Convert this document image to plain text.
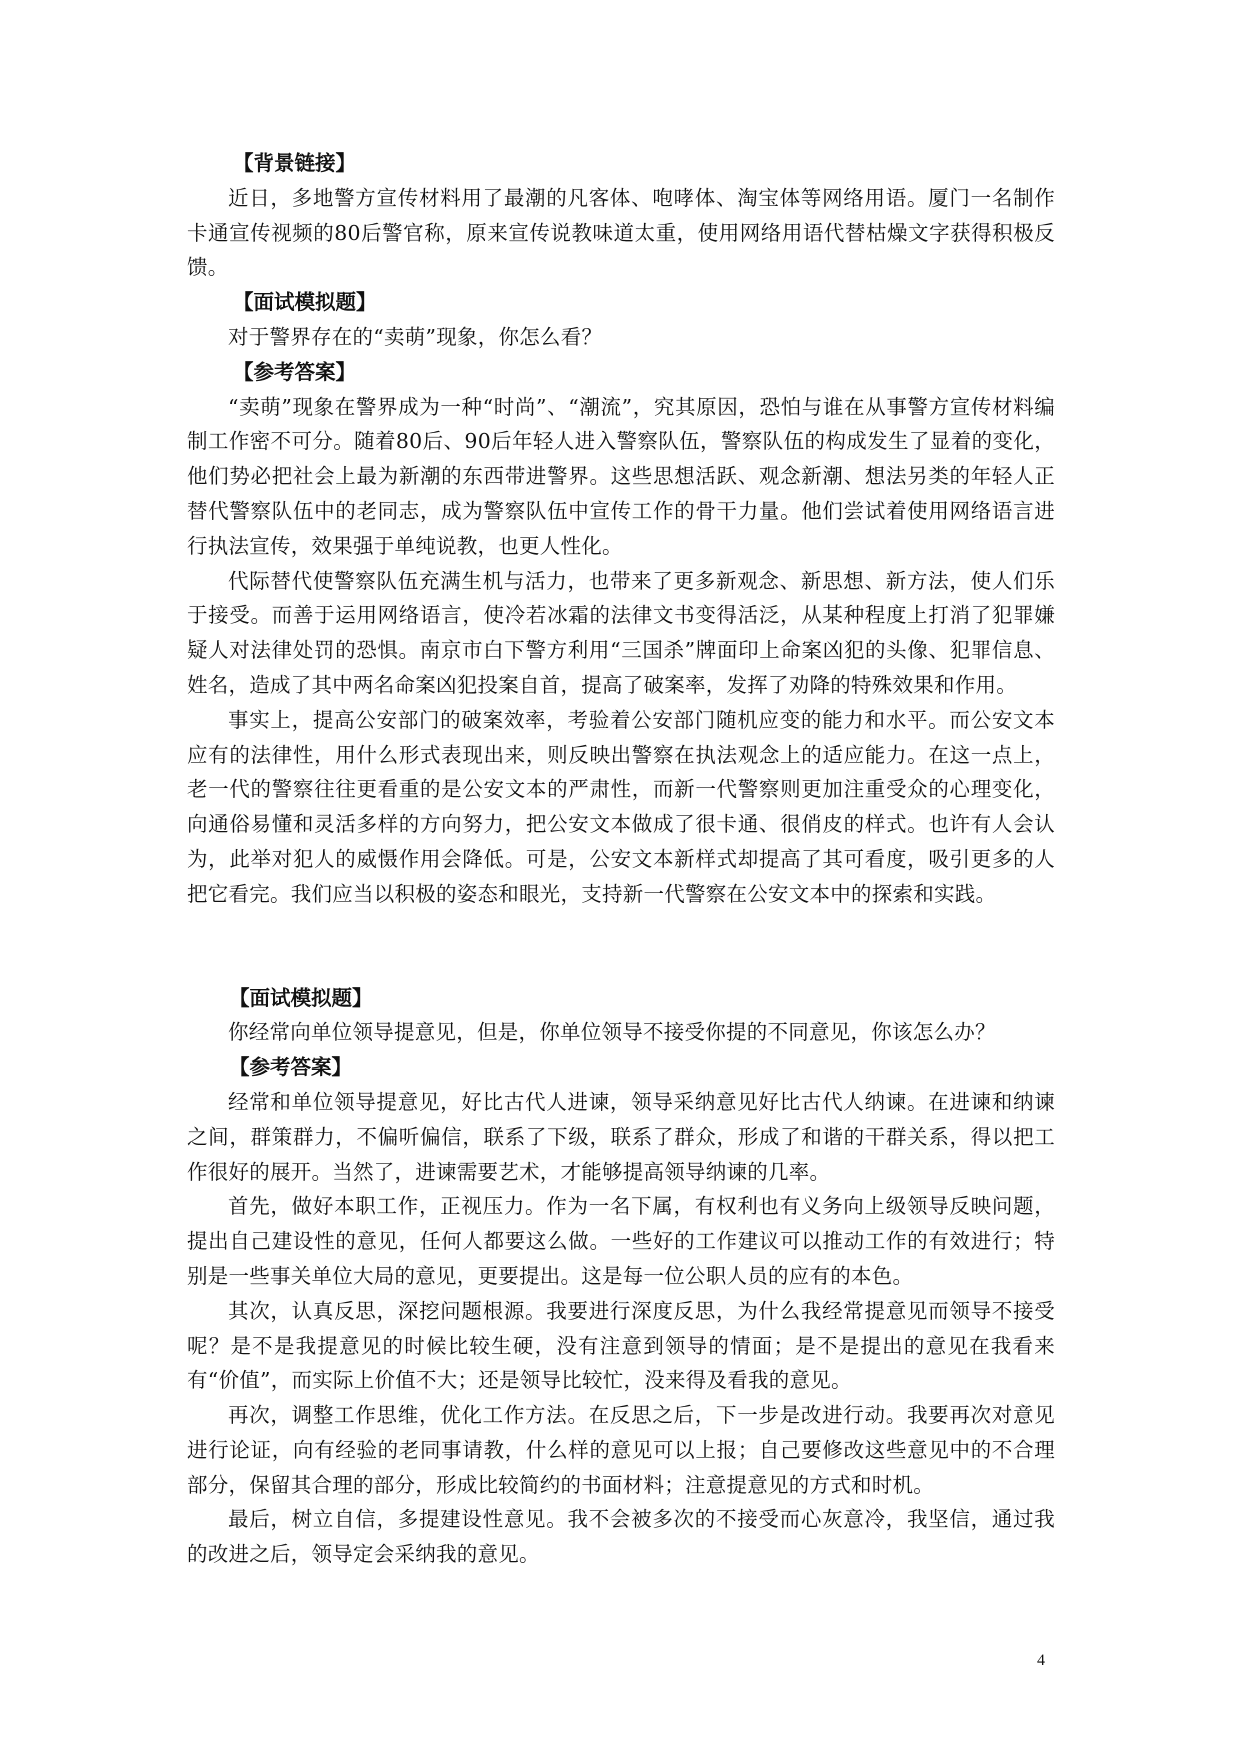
【背景链接】

近日，多地警方宣传材料用了最潮的凡客体、咆哮体、淘宝体等网络用语。厦门一名制作卡通宣传视频的80后警官称，原来宣传说教味道太重，使用网络用语代替枯燥文字获得积极反馈。

【面试模拟题】

对于警界存在的“卖萌”现象，你怎么看？

【参考答案】

“卖萌”现象在警界成为一种“时尚”、“潮流”，究其原因，恐怕与谁在从事警方宣传材料编制工作密不可分。随着80后、90后年轻人进入警察队伍，警察队伍的构成发生了显着的变化，他们势必把社会上最为新潮的东西带进警界。这些思想活跃、观念新潮、想法另类的年轻人正替代警察队伍中的老同志，成为警察队伍中宣传工作的骨干力量。他们尝试着使用网络语言进行执法宣传，效果强于单纯说教，也更人性化。

代际替代使警察队伍充满生机与活力，也带来了更多新观念、新思想、新方法，使人们乐于接受。而善于运用网络语言，使冷若冰霜的法律文书变得活泛，从某种程度上打消了犯罪嫌疑人对法律处罚的恐惧。南京市白下警方利用“三国杀”牌面印上命案凶犯的头像、犯罪信息、姓名，造成了其中两名命案凶犯投案自首，提高了破案率，发挥了劝降的特殊效果和作用。

事实上，提高公安部门的破案效率，考验着公安部门随机应变的能力和水平。而公安文本应有的法律性，用什么形式表现出来，则反映出警察在执法观念上的适应能力。在这一点上，老一代的警察往往更看重的是公安文本的严肃性，而新一代警察则更加注重受众的心理变化，向通俗易懂和灵活多样的方向努力，把公安文本做成了很卡通、很俏皮的样式。也许有人会认为，此举对犯人的威慑作用会降低。可是，公安文本新样式却提高了其可看度，吸引更多的人把它看完。我们应当以积极的姿态和眼光，支持新一代警察在公安文本中的探索和实践。

【面试模拟题】

你经常向单位领导提意见，但是，你单位领导不接受你提的不同意见，你该怎么办？

【参考答案】

经常和单位领导提意见，好比古代人进谏，领导采纳意见好比古代人纳谏。在进谏和纳谏之间，群策群力，不偏听偏信，联系了下级，联系了群众，形成了和谐的干群关系，得以把工作很好的展开。当然了，进谏需要艺术，才能够提高领导纳谏的几率。

首先，做好本职工作，正视压力。作为一名下属，有权利也有义务向上级领导反映问题，提出自己建设性的意见，任何人都要这么做。一些好的工作建议可以推动工作的有效进行；特别是一些事关单位大局的意见，更要提出。这是每一位公职人员的应有的本色。

其次，认真反思，深挖问题根源。我要进行深度反思，为什么我经常提意见而领导不接受呢？是不是我提意见的时候比较生硬，没有注意到领导的情面；是不是提出的意见在我看来有“价值”，而实际上价值不大；还是领导比较忙，没来得及看我的意见。

再次，调整工作思维，优化工作方法。在反思之后，下一步是改进行动。我要再次对意见进行论证，向有经验的老同事请教，什么样的意见可以上报；自己要修改这些意见中的不合理部分，保留其合理的部分，形成比较简约的书面材料；注意提意见的方式和时机。

最后，树立自信，多提建设性意见。我不会被多次的不接受而心灰意冷，我坚信，通过我的改进之后，领导定会采纳我的意见。

4
